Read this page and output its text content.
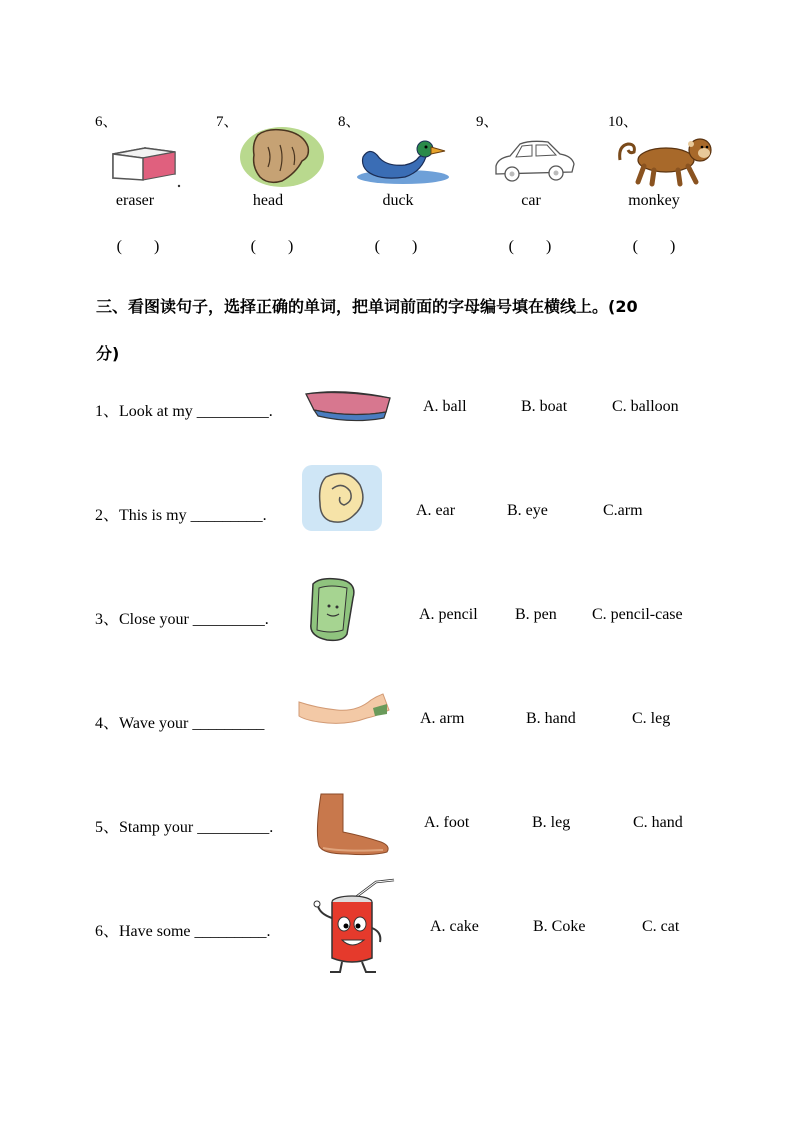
6、	7、	8、	9、	10、
eraser	head	duck	car	monkey
(　　)	(　　)	(　　)	(　　)	(　　)
三、看图读句子，选择正确的单词，把单词前面的字母编号填在横线上。(20
分)
1、Look at my _________.	A. ball	B. boat	C. balloon
2、This is my _________.	A. ear	B. eye	C.arm
3、Close your _________.	A. pencil B. pen C. pencil-case
4、Wave your _________	A. arm	B. hand	C. leg
5、Stamp your _________.	A. foot	B. leg	C. hand
6、Have some _________.	A. cake	B. Coke	C. cat
